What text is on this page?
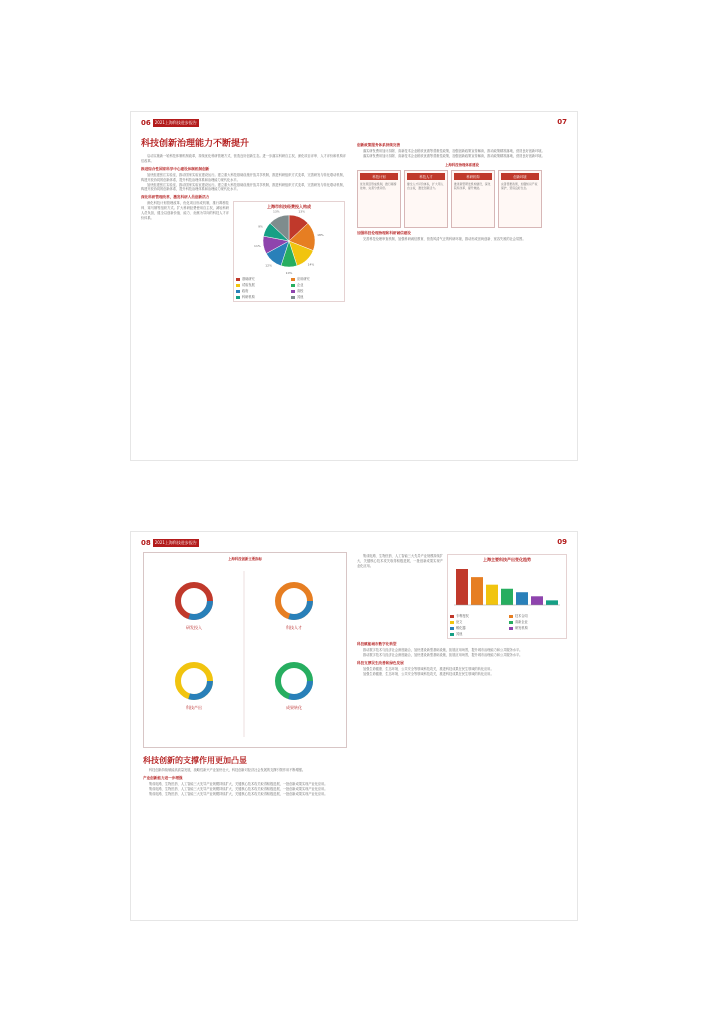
06	2021上海科技进步报告	07
科技创新治理能力不断提升
启动实施新一轮科技体制机制改革，持续优化科研管理方式，营造良好创新生态。进一步落实科研自主权，深化项目评审、人才评价和机构评估改革。
推进综合性国家科学中心建设体制机制创新
加快组建张江实验室，推动国家实验室建设运行。建立重大科技基础设施开放共享机制，推进科研组织方式变革，完善研发与转化联动机制，构建开放协同的创新体系，提升科技治理体系和治理能力现代化水平。
加快组建张江实验室，推动国家实验室建设运行。建立重大科技基础设施开放共享机制，推进科研组织方式变革，完善研发与转化联动机制，构建开放协同的创新体系，提升科技治理体系和治理能力现代化水平。
深化科研管理改革，激发科研人员创新活力
深化科技计划管理改革，优化项目形成机制，推行揭榜挂帅、赛马制等组织方式。扩大科研经费使用自主权，减轻科研人员负担，健全以创新价值、能力、贡献为导向的科技人才评价体系。
上海市科技经费投入构成
13%
18%
14%
10%
12%
11%
9%
13%
基础研究	应用研究
试验发展	企业
政府	高校
科研机构	其他
创新政策服务体系持续完善
落实研发费用加计扣除、高新技术企业税收优惠等普惠性政策，加强创新政策宣传解读，推动政策精准落地，营造良好创新环境。
落实研发费用加计扣除、高新技术企业税收优惠等普惠性政策，加强创新政策宣传解读，推动政策精准落地，营造良好创新环境。
上海科技治理体系建设
科技计划
优化项目形成机制，推行揭榜挂帅，完善分类评价。
科技人才
健全人才评价体系，扩大用人自主权，激发创新活力。
科研机构
推进新型研发机构建设，深化院所改革，提升效能。
创新环境
完善普惠政策，加强知识产权保护，营造良好生态。
加强科技伦理治理和科研诚信建设
完善科技伦理审查机制，加强科研诚信教育，营造风清气正的科研环境，推动形成崇尚创新、宽容失败的社会氛围。
08	2021上海科技进步报告	09
上海科技创新主要指标
研发投入	科技人才
科技产出	成果转化
科技创新的支撑作用更加凸显
科技创新持续赋能高质量发展，战略性新兴产业加快壮大，科技创新对经济社会发展的支撑引领作用不断增强。
产业创新能力进一步增强
集成电路、生物医药、人工智能三大先导产业规模持续扩大，关键核心技术攻关取得积极进展，一批创新成果实现产业化应用。
集成电路、生物医药、人工智能三大先导产业规模持续扩大，关键核心技术攻关取得积极进展，一批创新成果实现产业化应用。
集成电路、生物医药、人工智能三大先导产业规模持续扩大，关键核心技术攻关取得积极进展，一批创新成果实现产业化应用。
集成电路、生物医药、人工智能三大先导产业规模持续扩大，关键核心技术攻关取得积极进展，一批创新成果实现产业化应用。
上海主要科技产出变化趋势
专利授权	技术合同
论文	高新企业
孵化器	研发机构
其他
科技赋能城市数字化转型
推动数字技术与经济社会深度融合，加快建设新型基础设施，拓展应用场景，提升城市治理能力和公共服务水平。
推动数字技术与经济社会深度融合，加快建设新型基础设施，拓展应用场景，提升城市治理能力和公共服务水平。
科技支撑民生改善和绿色发展
加强生命健康、生态环境、公共安全等领域科技攻关，推进科技成果在民生领域的转化应用。
加强生命健康、生态环境、公共安全等领域科技攻关，推进科技成果在民生领域的转化应用。
